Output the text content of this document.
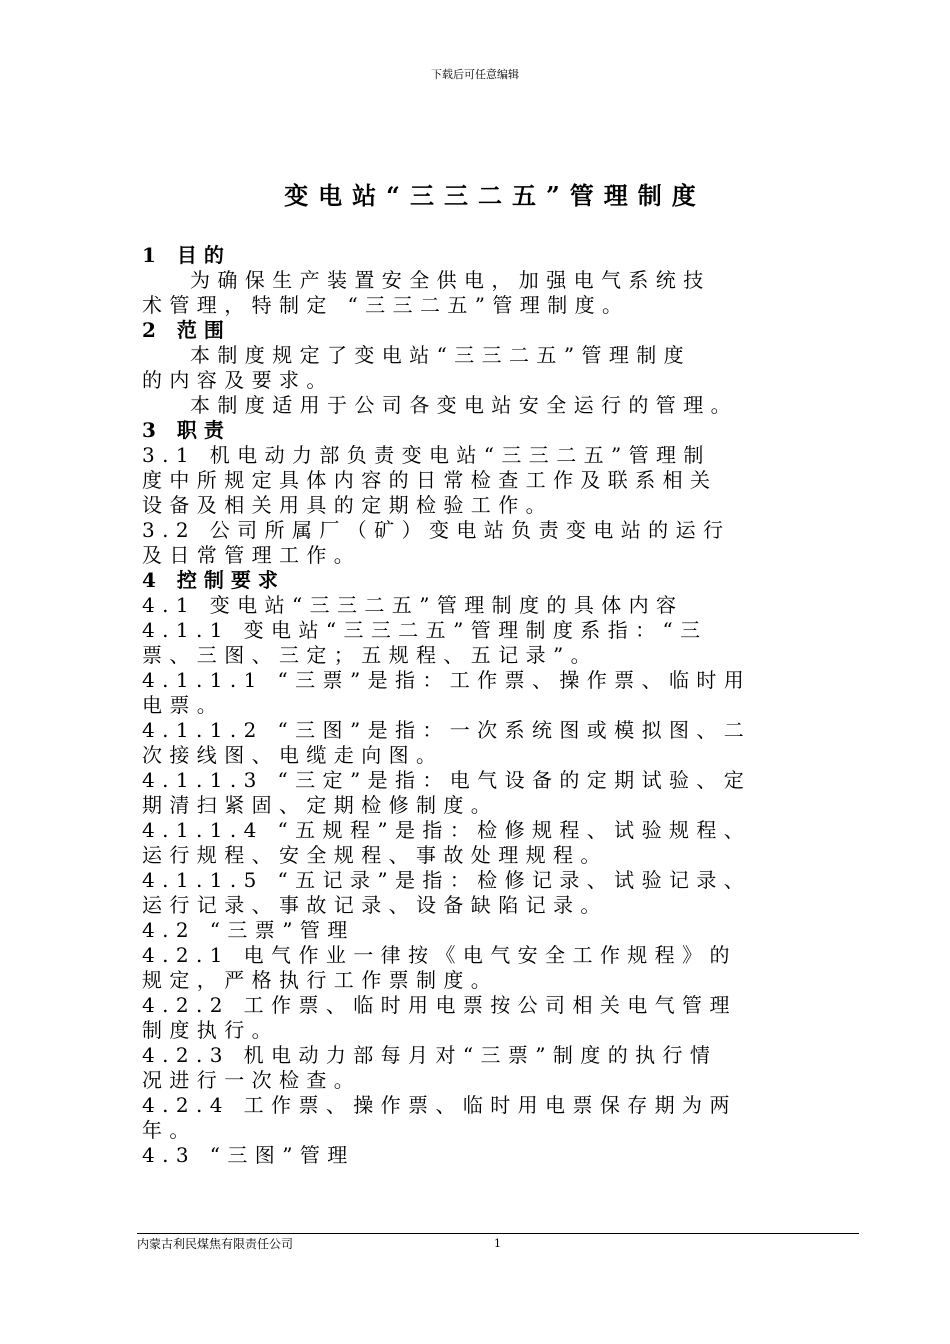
下载后可任意编辑
变电站“三三二五”管理制度
1 目的
为确保生产装置安全供电，加强电气系统技
术管理，特制定 “三三二五”管理制度。
2 范围
本制度规定了变电站“三三二五”管理制度
的内容及要求。
本制度适用于公司各变电站安全运行的管理。
3 职责
3.1 机电动力部负责变电站“三三二五”管理制
度中所规定具体内容的日常检查工作及联系相关
设备及相关用具的定期检验工作。
3.2 公司所属厂（矿）变电站负责变电站的运行
及日常管理工作。
4 控制要求
4.1 变电站“三三二五”管理制度的具体内容
4.1.1 变电站“三三二五”管理制度系指：“三
票、三图、三定；五规程、五记录”。
4.1.1.1 “三票”是指：工作票、操作票、临时用
电票。
4.1.1.2 “三图”是指：一次系统图或模拟图、二
次接线图、电缆走向图。
4.1.1.3 “三定”是指：电气设备的定期试验、定
期清扫紧固、定期检修制度。
4.1.1.4 “五规程”是指：检修规程、试验规程、
运行规程、安全规程、事故处理规程。
4.1.1.5 “五记录”是指：检修记录、试验记录、
运行记录、事故记录、设备缺陷记录。
4.2 “三票”管理
4.2.1 电气作业一律按《电气安全工作规程》的
规定，严格执行工作票制度。
4.2.2 工作票、临时用电票按公司相关电气管理
制度执行。
4.2.3 机电动力部每月对“三票”制度的执行情
况进行一次检查。
4.2.4 工作票、操作票、临时用电票保存期为两
年。
4.3 “三图”管理
内蒙古利民煤焦有限责任公司	1
